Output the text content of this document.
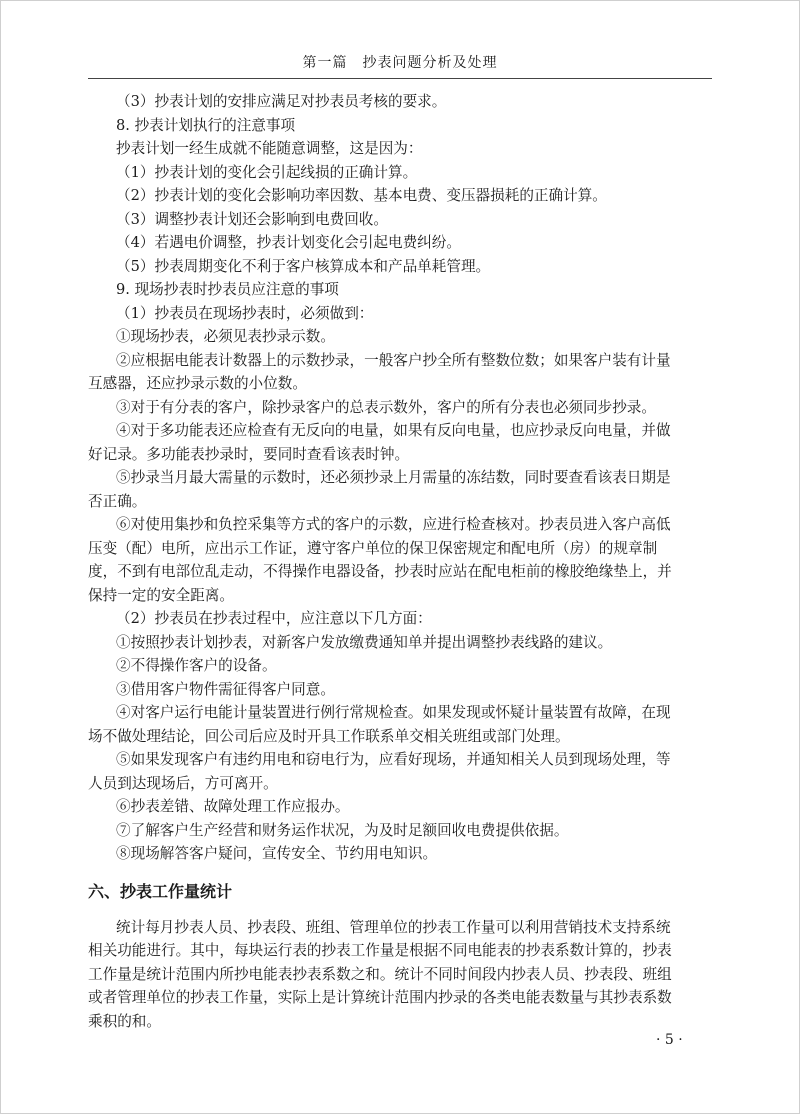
第一篇　抄表问题分析及处理
（3）抄表计划的安排应满足对抄表员考核的要求。
8. 抄表计划执行的注意事项
抄表计划一经生成就不能随意调整，这是因为：
（1）抄表计划的变化会引起线损的正确计算。
（2）抄表计划的变化会影响功率因数、基本电费、变压器损耗的正确计算。
（3）调整抄表计划还会影响到电费回收。
（4）若遇电价调整，抄表计划变化会引起电费纠纷。
（5）抄表周期变化不利于客户核算成本和产品单耗管理。
9. 现场抄表时抄表员应注意的事项
（1）抄表员在现场抄表时，必须做到：
①现场抄表，必须见表抄录示数。
②应根据电能表计数器上的示数抄录，一般客户抄全所有整数位数；如果客户装有计量
互感器，还应抄录示数的小位数。
③对于有分表的客户，除抄录客户的总表示数外，客户的所有分表也必须同步抄录。
④对于多功能表还应检查有无反向的电量，如果有反向电量，也应抄录反向电量，并做
好记录。多功能表抄录时，要同时查看该表时钟。
⑤抄录当月最大需量的示数时，还必须抄录上月需量的冻结数，同时要查看该表日期是
否正确。
⑥对使用集抄和负控采集等方式的客户的示数，应进行检查核对。抄表员进入客户高低
压变（配）电所，应出示工作证，遵守客户单位的保卫保密规定和配电所（房）的规章制
度，不到有电部位乱走动，不得操作电器设备，抄表时应站在配电柜前的橡胶绝缘垫上，并
保持一定的安全距离。
（2）抄表员在抄表过程中，应注意以下几方面：
①按照抄表计划抄表，对新客户发放缴费通知单并提出调整抄表线路的建议。
②不得操作客户的设备。
③借用客户物件需征得客户同意。
④对客户运行电能计量装置进行例行常规检查。如果发现或怀疑计量装置有故障，在现
场不做处理结论，回公司后应及时开具工作联系单交相关班组或部门处理。
⑤如果发现客户有违约用电和窃电行为，应看好现场，并通知相关人员到现场处理，等
人员到达现场后，方可离开。
⑥抄表差错、故障处理工作应报办。
⑦了解客户生产经营和财务运作状况，为及时足额回收电费提供依据。
⑧现场解答客户疑问，宣传安全、节约用电知识。
六、抄表工作量统计
统计每月抄表人员、抄表段、班组、管理单位的抄表工作量可以利用营销技术支持系统
相关功能进行。其中，每块运行表的抄表工作量是根据不同电能表的抄表系数计算的，抄表
工作量是统计范围内所抄电能表抄表系数之和。统计不同时间段内抄表人员、抄表段、班组
或者管理单位的抄表工作量，实际上是计算统计范围内抄录的各类电能表数量与其抄表系数
乘积的和。
· 5 ·
